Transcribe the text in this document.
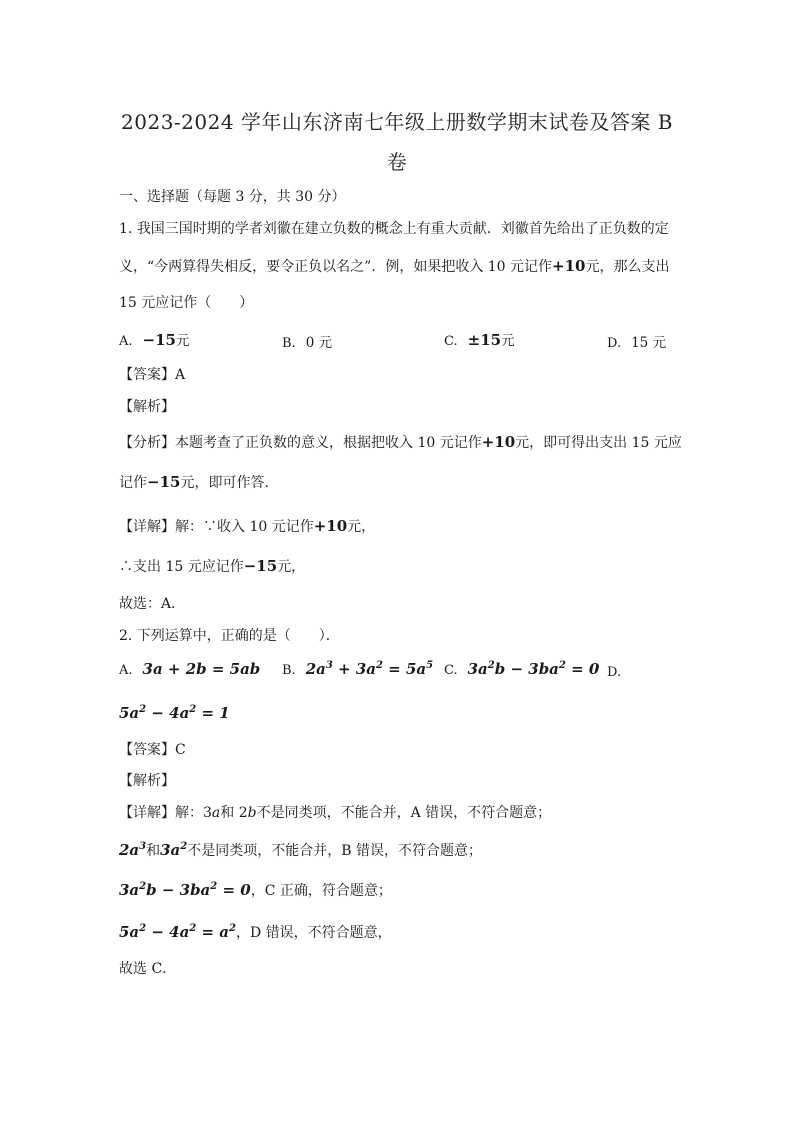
2023-2024 学年山东济南七年级上册数学期末试卷及答案 B
卷
一、选择题（每题 3 分，共 30 分）
1. 我国三国时期的学者刘徽在建立负数的概念上有重大贡献．刘徽首先给出了正负数的定
义，“今两算得失相反，要令正负以名之”．例，如果把收入 10 元记作+10元，那么支出
15 元应记作（　　）
A. −15元	B. 0 元	C. ±15元	D. 15 元
【答案】A
【解析】
【分析】本题考查了正负数的意义，根据把收入 10 元记作+10元，即可得出支出 15 元应
记作−15元，即可作答．
【详解】解：∵收入 10 元记作+10元，
∴支出 15 元应记作−15元，
故选：A．
2. 下列运算中，正确的是（　　）．
A. 3a + 2b = 5ab B. $2a^3 + 3a^2 = 5a^5$ C. $3a^2b - 3ba^2 = 0$ D.
$5a^2 - 4a^2 = 1$
【答案】C
【解析】
【详解】解：3a和 2b不是同类项，不能合并，A 错误，不符合题意；
$2a^3$和$3a^2$不是同类项，不能合并，B 错误，不符合题意；
$3a^2b - 3ba^2 = 0$，C 正确，符合题意；
$5a^2 - 4a^2 = a^2$，D 错误，不符合题意，
故选 C．
